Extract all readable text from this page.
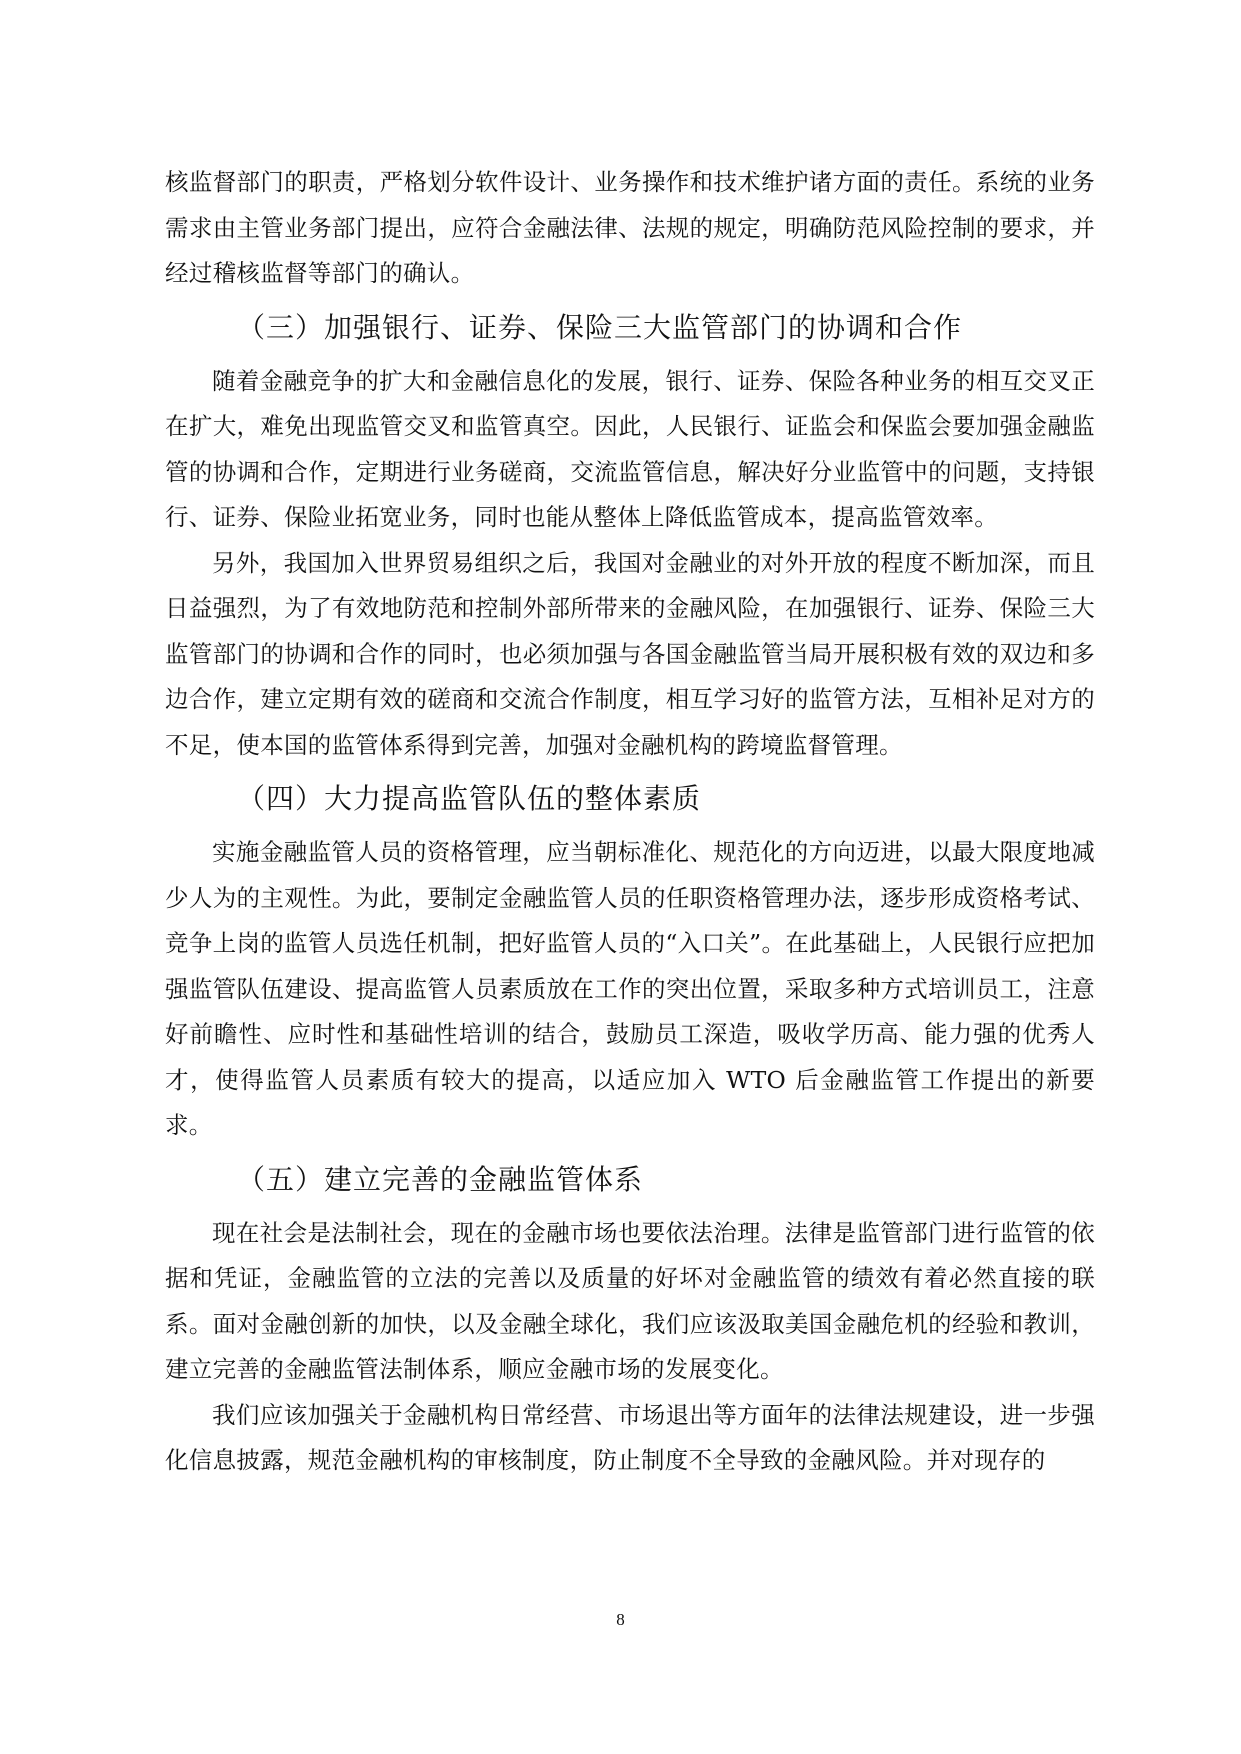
核监督部门的职责，严格划分软件设计、业务操作和技术维护诸方面的责任。系统的业务需求由主管业务部门提出，应符合金融法律、法规的规定，明确防范风险控制的要求，并经过稽核监督等部门的确认。

（三）加强银行、证券、保险三大监管部门的协调和合作

随着金融竞争的扩大和金融信息化的发展，银行、证券、保险各种业务的相互交叉正在扩大，难免出现监管交叉和监管真空。因此，人民银行、证监会和保监会要加强金融监管的协调和合作，定期进行业务磋商，交流监管信息，解决好分业监管中的问题，支持银行、证券、保险业拓宽业务，同时也能从整体上降低监管成本，提高监管效率。

另外，我国加入世界贸易组织之后，我国对金融业的对外开放的程度不断加深，而且日益强烈，为了有效地防范和控制外部所带来的金融风险，在加强银行、证券、保险三大监管部门的协调和合作的同时，也必须加强与各国金融监管当局开展积极有效的双边和多边合作，建立定期有效的磋商和交流合作制度，相互学习好的监管方法，互相补足对方的不足，使本国的监管体系得到完善，加强对金融机构的跨境监督管理。

（四）大力提高监管队伍的整体素质

实施金融监管人员的资格管理，应当朝标准化、规范化的方向迈进，以最大限度地减少人为的主观性。为此，要制定金融监管人员的任职资格管理办法，逐步形成资格考试、竞争上岗的监管人员选任机制，把好监管人员的“入口关”。在此基础上，人民银行应把加强监管队伍建设、提高监管人员素质放在工作的突出位置，采取多种方式培训员工，注意好前瞻性、应时性和基础性培训的结合，鼓励员工深造，吸收学历高、能力强的优秀人才，使得监管人员素质有较大的提高，以适应加入 WTO 后金融监管工作提出的新要求。

（五）建立完善的金融监管体系

现在社会是法制社会，现在的金融市场也要依法治理。法律是监管部门进行监管的依据和凭证，金融监管的立法的完善以及质量的好坏对金融监管的绩效有着必然直接的联系。面对金融创新的加快，以及金融全球化，我们应该汲取美国金融危机的经验和教训，建立完善的金融监管法制体系，顺应金融市场的发展变化。

我们应该加强关于金融机构日常经营、市场退出等方面年的法律法规建设，进一步强化信息披露，规范金融机构的审核制度，防止制度不全导致的金融风险。并对现存的

8
